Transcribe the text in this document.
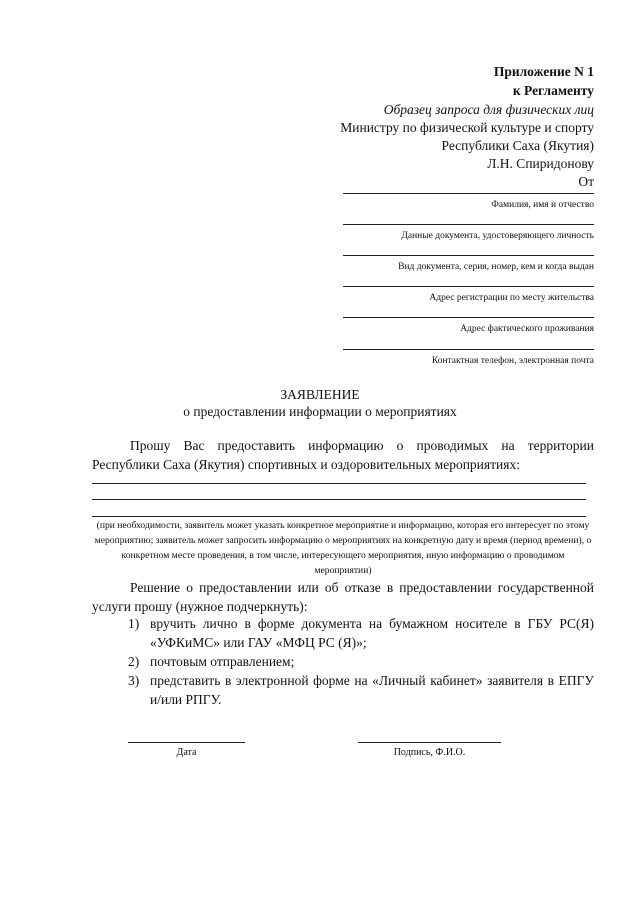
Приложение N 1
к Регламенту
Образец запроса для физических лиц
Министру по физической культуре и спорту
Республики Саха (Якутия)
Л.Н. Спиридонову
От
Фамилия, имя и отчество
Данные документа, удостоверяющего личность
Вид документа, серия, номер, кем и когда выдан
Адрес регистрации по месту жительства
Адрес фактического проживания
Контактная телефон, электронная почта
ЗАЯВЛЕНИЕ
о предоставлении информации о мероприятиях
Прошу Вас предоставить информацию о проводимых на территории Республики Саха (Якутия) спортивных и оздоровительных мероприятиях:
(при необходимости, заявитель может указать конкретное мероприятие и информацию, которая его интересует по этому мероприятию; заявитель может запросить информацию о мероприятиях на конкретную дату и время (период времени), о конкретном месте проведения, в том числе, интересующего мероприятия, иную информацию о проводимом мероприятии)
Решение о предоставлении или об отказе в предоставлении государственной услуги прошу (нужное подчеркнуть):
1) вручить лично в форме документа на бумажном носителе в ГБУ РС(Я) «УФКиМС» или ГАУ «МФЦ РС (Я)»;
2) почтовым отправлением;
3) представить в электронной форме на «Личный кабинет» заявителя в ЕПГУ и/или РПГУ.
Дата	Подпись, Ф.И.О.
